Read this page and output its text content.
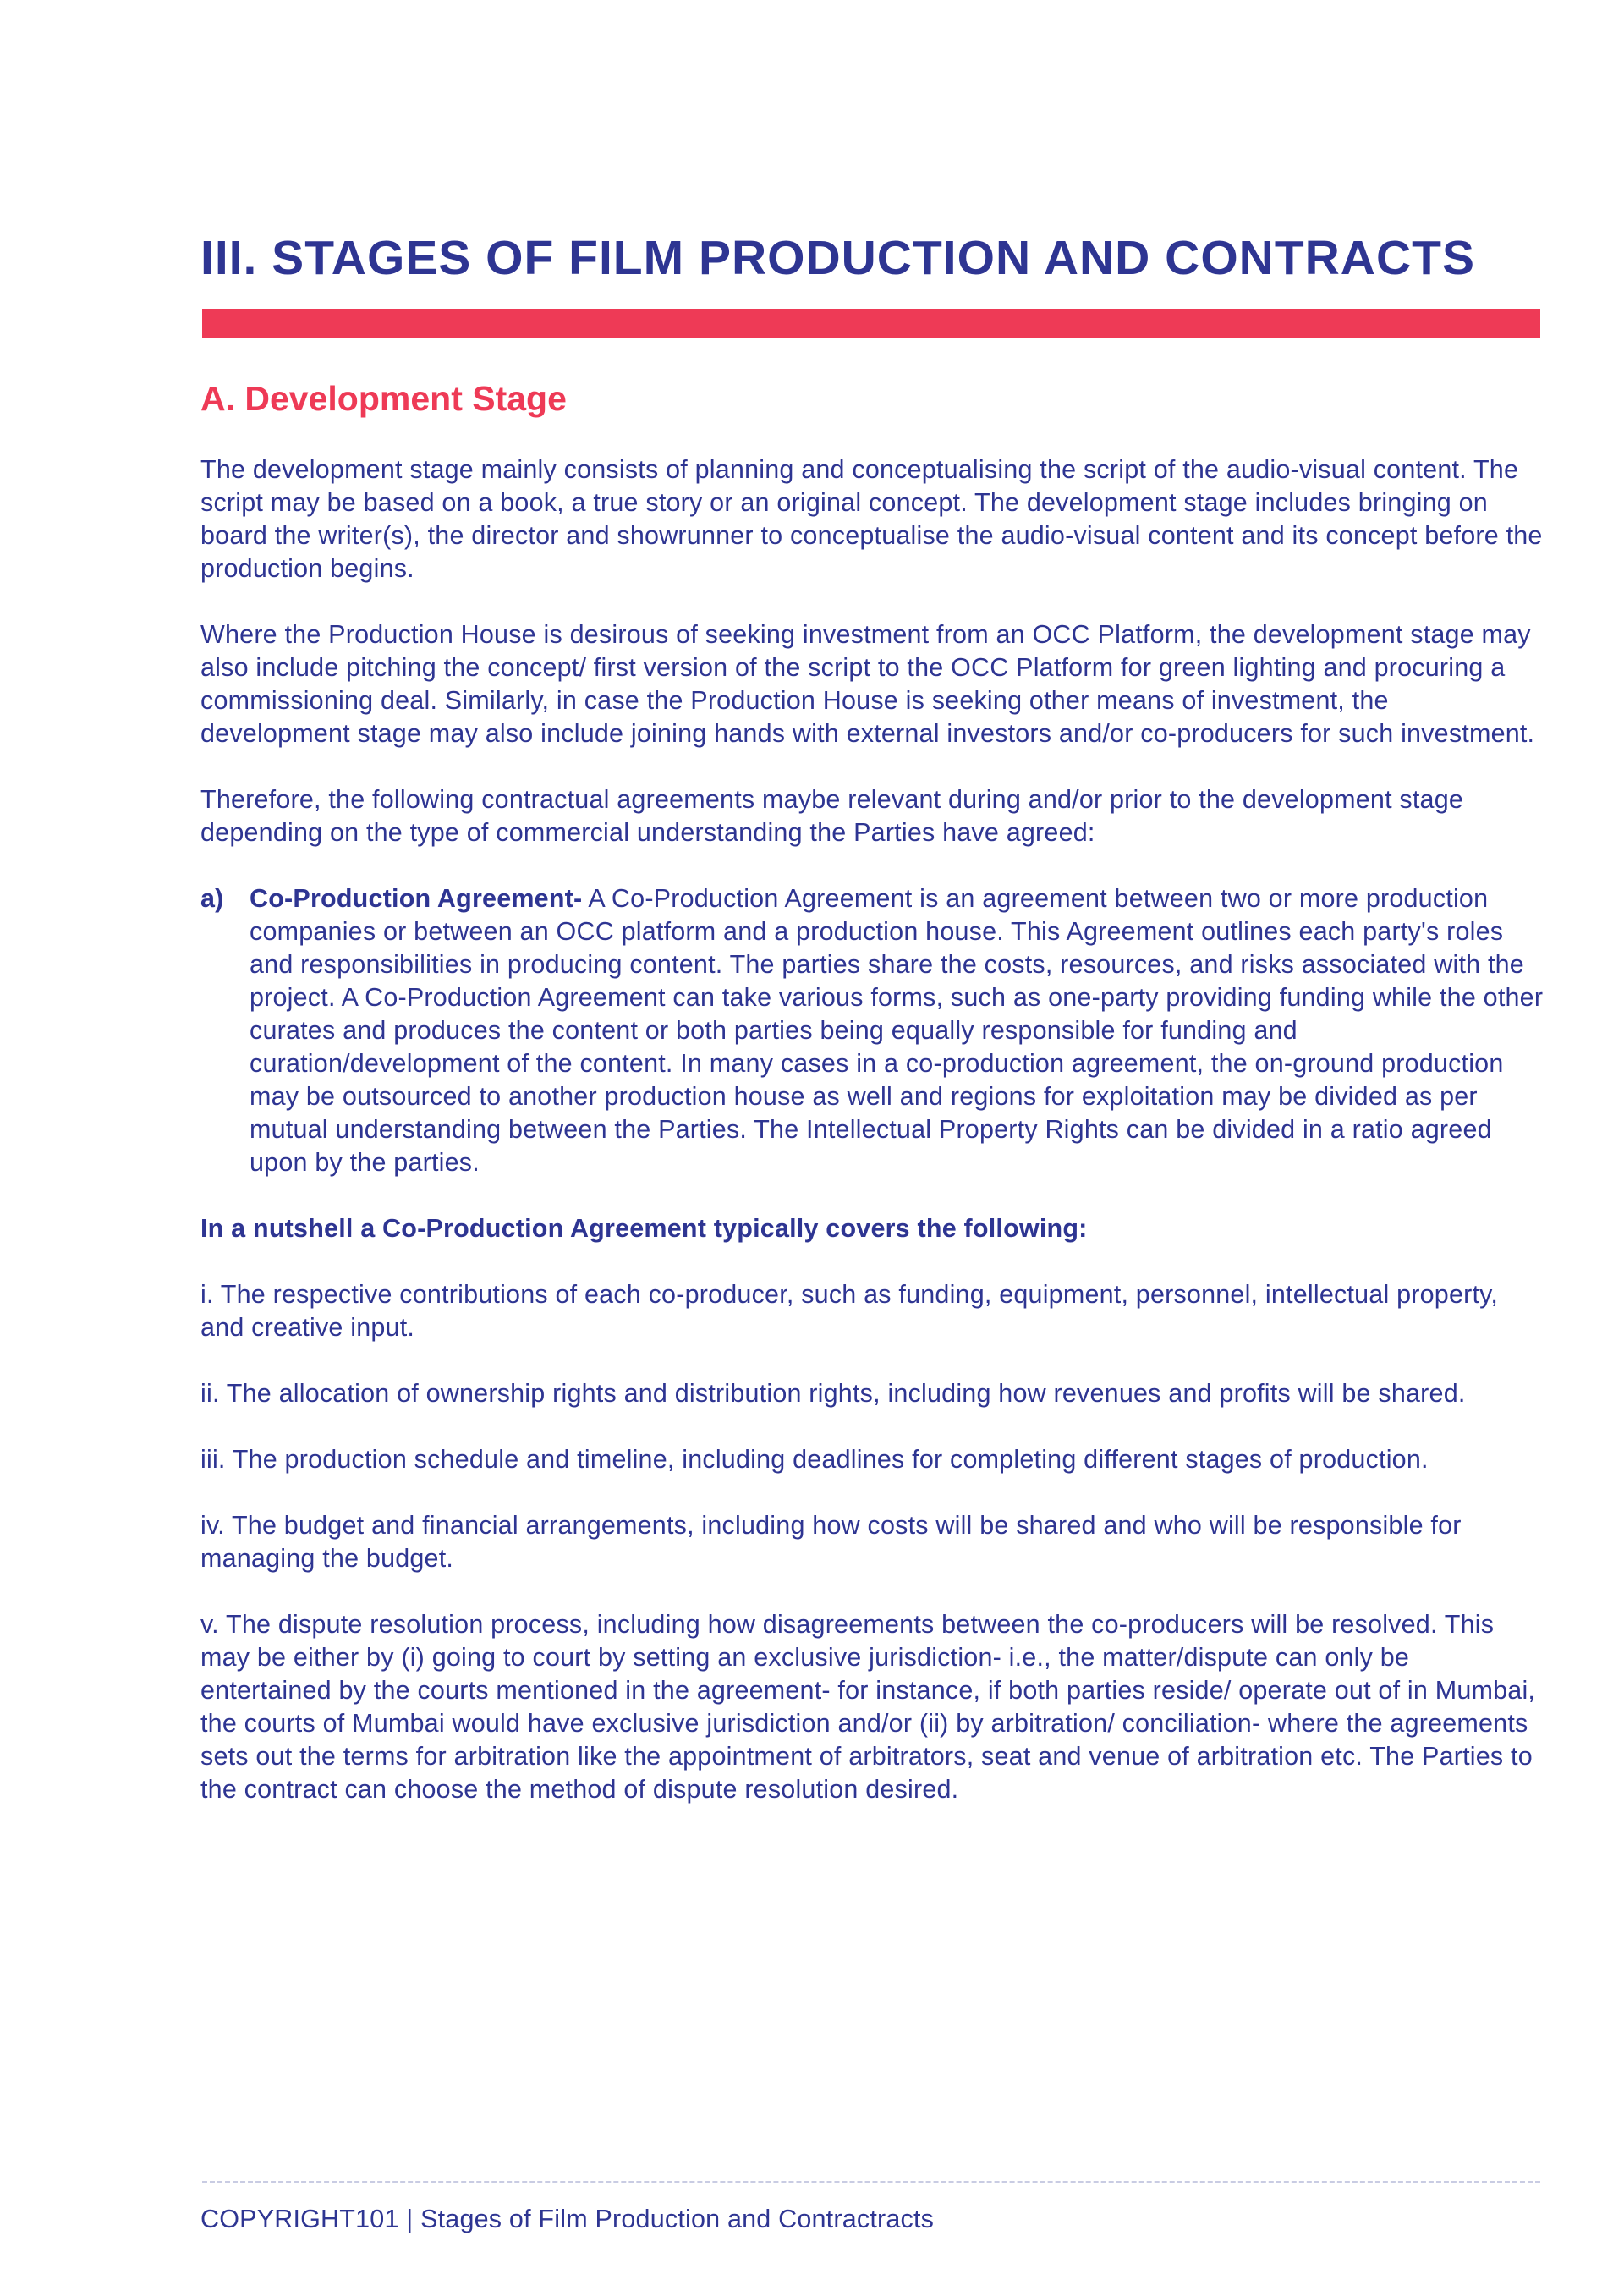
III. STAGES OF FILM PRODUCTION AND CONTRACTS
A. Development Stage

The development stage mainly consists of planning and conceptualising the script of the audio-visual content. The script may be based on a book, a true story or an original concept. The development stage includes bringing on board the writer(s), the director and showrunner to conceptualise the audio-visual content and its concept before the production begins.

Where the Production House is desirous of seeking investment from an OCC Platform, the development stage may also include pitching the concept/ first version of the script to the OCC Platform for green lighting and procuring a commissioning deal. Similarly, in case the Production House is seeking other means of investment, the development stage may also include joining hands with external investors and/or co-producers for such investment.

Therefore, the following contractual agreements maybe relevant during and/or prior to the development stage depending on the type of commercial understanding the Parties have agreed:

a) Co-Production Agreement- A Co-Production Agreement is an agreement between two or more production companies or between an OCC platform and a production house. This Agreement outlines each party's roles and responsibilities in producing content. The parties share the costs, resources, and risks associated with the project. A Co-Production Agreement can take various forms, such as one-party providing funding while the other curates and produces the content or both parties being equally responsible for funding and curation/development of the content. In many cases in a co-production agreement, the on-ground production may be outsourced to another production house as well and regions for exploitation may be divided as per mutual understanding between the Parties. The Intellectual Property Rights can be divided in a ratio agreed upon by the parties.

In a nutshell a Co-Production Agreement typically covers the following:

i. The respective contributions of each co-producer, such as funding, equipment, personnel, intellectual property, and creative input.

ii. The allocation of ownership rights and distribution rights, including how revenues and profits will be shared.

iii. The production schedule and timeline, including deadlines for completing different stages of production.

iv. The budget and financial arrangements, including how costs will be shared and who will be responsible for managing the budget.

v. The dispute resolution process, including how disagreements between the co-producers will be resolved. This may be either by (i) going to court by setting an exclusive jurisdiction- i.e., the matter/dispute can only be entertained by the courts mentioned in the agreement- for instance, if both parties reside/ operate out of in Mumbai, the courts of Mumbai would have exclusive jurisdiction and/or (ii) by arbitration/ conciliation- where the agreements sets out the terms for arbitration like the appointment of arbitrators, seat and venue of arbitration etc. The Parties to the contract can choose the method of dispute resolution desired.

COPYRIGHT101 | Stages of Film Production and Contractracts
